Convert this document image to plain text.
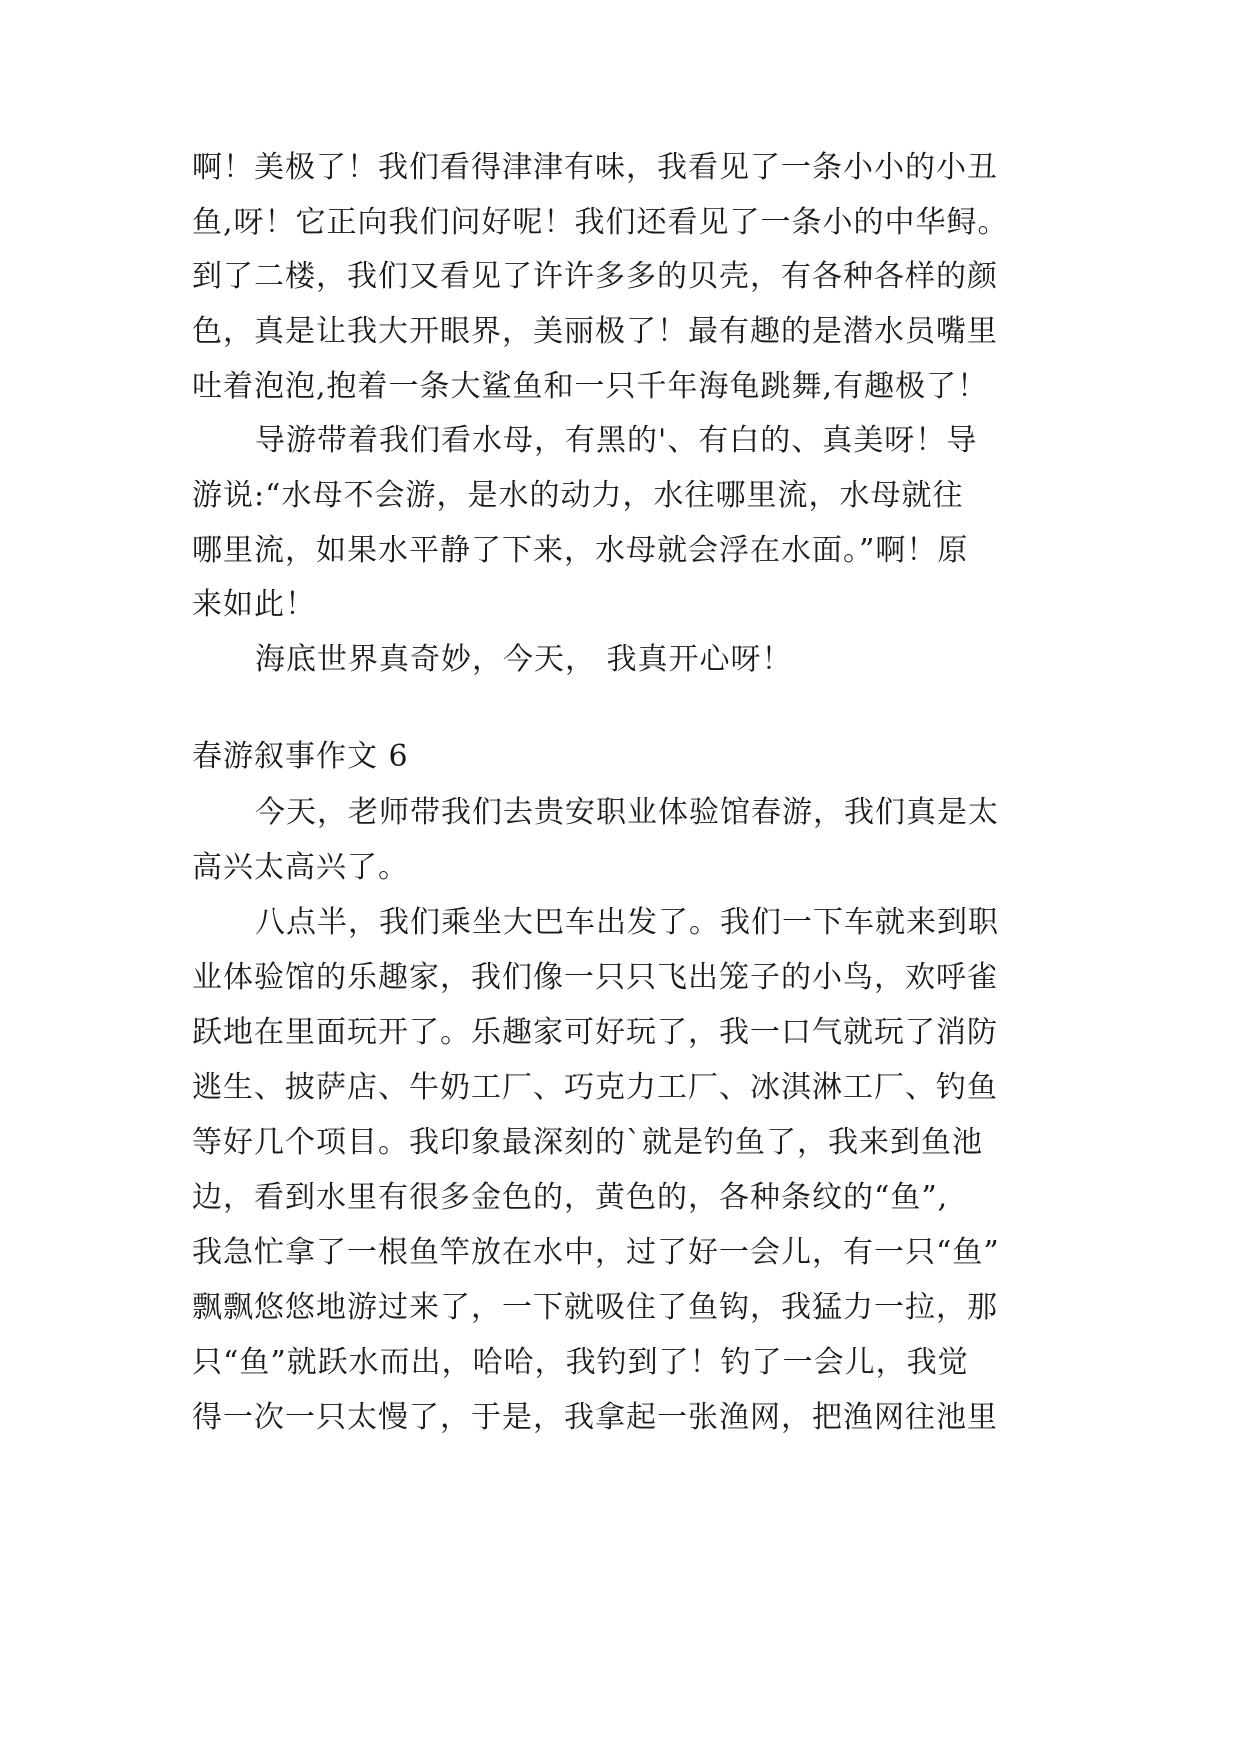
啊！美极了！我们看得津津有味，我看见了一条小小的小丑
鱼,呀！它正向我们问好呢！我们还看见了一条小的中华鲟。
到了二楼，我们又看见了许许多多的贝壳，有各种各样的颜
色，真是让我大开眼界，美丽极了！最有趣的是潜水员嘴里
吐着泡泡,抱着一条大鲨鱼和一只千年海龟跳舞,有趣极了！
导游带着我们看水母，有黑的'、有白的、真美呀！导
游说:“水母不会游，是水的动力，水往哪里流，水母就往
哪里流，如果水平静了下来，水母就会浮在水面。”啊！原
来如此！
海底世界真奇妙，今天， 我真开心呀！
春游叙事作文 6
今天，老师带我们去贵安职业体验馆春游，我们真是太
高兴太高兴了。
八点半，我们乘坐大巴车出发了。我们一下车就来到职
业体验馆的乐趣家，我们像一只只飞出笼子的小鸟，欢呼雀
跃地在里面玩开了。乐趣家可好玩了，我一口气就玩了消防
逃生、披萨店、牛奶工厂、巧克力工厂、冰淇淋工厂、钓鱼
等好几个项目。我印象最深刻的`就是钓鱼了，我来到鱼池
边，看到水里有很多金色的，黄色的，各种条纹的“鱼”,
我急忙拿了一根鱼竿放在水中，过了好一会儿，有一只“鱼”
飘飘悠悠地游过来了，一下就吸住了鱼钩，我猛力一拉，那
只“鱼”就跃水而出，哈哈，我钓到了！钓了一会儿，我觉
得一次一只太慢了，于是，我拿起一张渔网，把渔网往池里
